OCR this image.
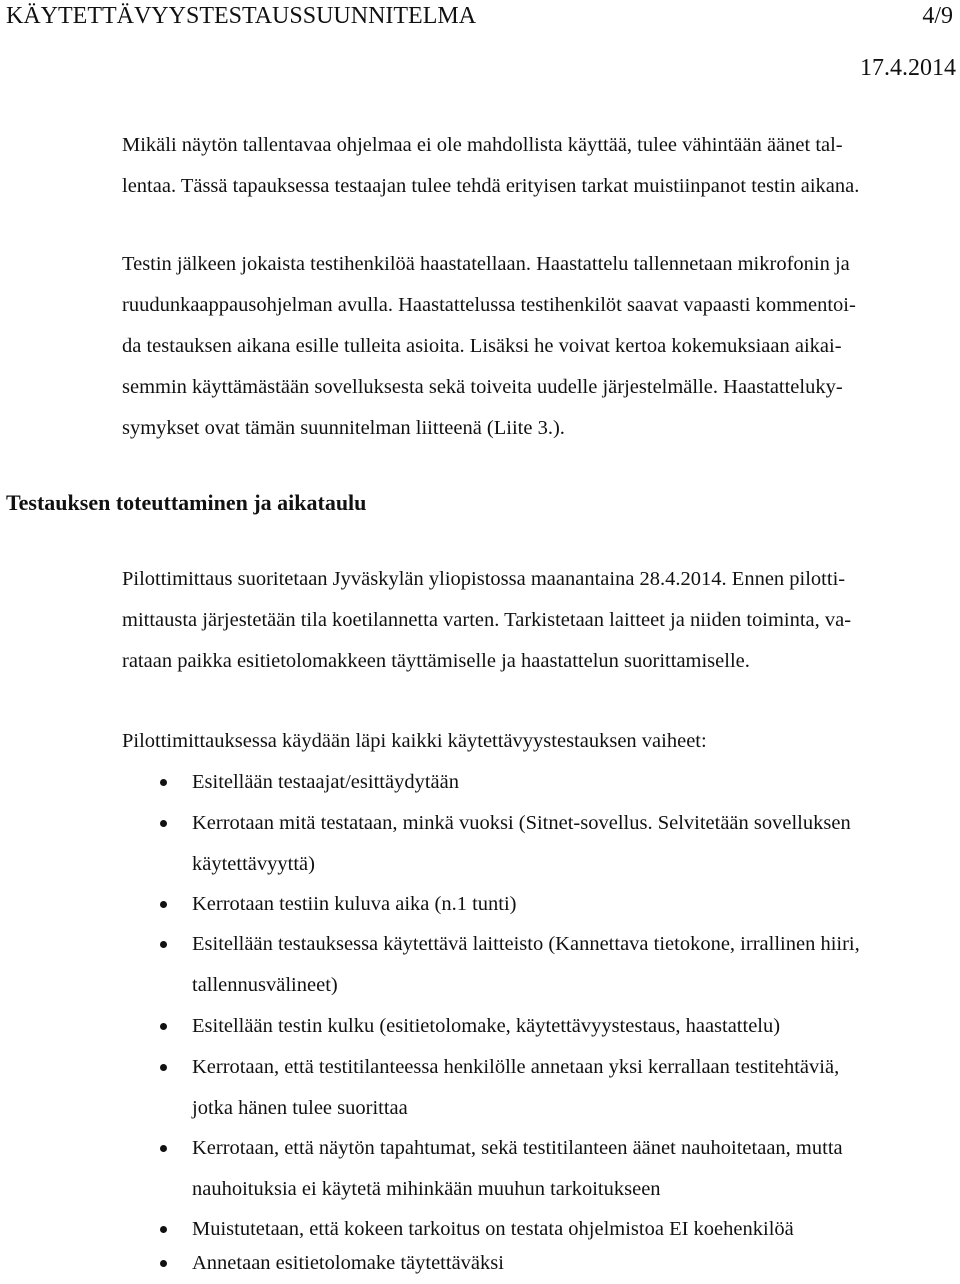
KÄYTETTÄVYYSTESTAUSSUUNNITELMA	4/9
17.4.2014

Mikäli näytön tallentavaa ohjelmaa ei ole mahdollista käyttää, tulee vähintään äänet tal-
lentaa. Tässä tapauksessa testaajan tulee tehdä erityisen tarkat muistiinpanot testin aikana.

Testin jälkeen jokaista testihenkilöä haastatellaan. Haastattelu tallennetaan mikrofonin ja
ruudunkaappausohjelman avulla. Haastattelussa testihenkilöt saavat vapaasti kommentoi-
da testauksen aikana esille tulleita asioita. Lisäksi he voivat kertoa kokemuksiaan aikai-
semmin käyttämästään sovelluksesta sekä toiveita uudelle järjestelmälle. Haastatteluky-
symykset ovat tämän suunnitelman liitteenä (Liite 3.).

Testauksen toteuttaminen ja aikataulu

Pilottimittaus suoritetaan Jyväskylän yliopistossa maanantaina 28.4.2014. Ennen pilotti-
mittausta järjestetään tila koetilannetta varten. Tarkistetaan laitteet ja niiden toiminta, va-
rataan paikka esitietolomakkeen täyttämiselle ja haastattelun suorittamiselle.

Pilottimittauksessa käydään läpi kaikki käytettävyystestauksen vaiheet:

Esitellään testaajat/esittäydytään
Kerrotaan mitä testataan, minkä vuoksi (Sitnet-sovellus. Selvitetään sovelluksen
käytettävyyttä)
Kerrotaan testiin kuluva aika (n.1 tunti)
Esitellään testauksessa käytettävä laitteisto (Kannettava tietokone, irrallinen hiiri,
tallennusvälineet)
Esitellään testin kulku (esitietolomake, käytettävyystestaus, haastattelu)
Kerrotaan, että testitilanteessa henkilölle annetaan yksi kerrallaan testitehtäviä,
jotka hänen tulee suorittaa
Kerrotaan, että näytön tapahtumat, sekä testitilanteen äänet nauhoitetaan, mutta
nauhoituksia ei käytetä mihinkään muuhun tarkoitukseen
Muistutetaan, että kokeen tarkoitus on testata ohjelmistoa EI koehenkilöä
Annetaan esitietolomake täytettäväksi
